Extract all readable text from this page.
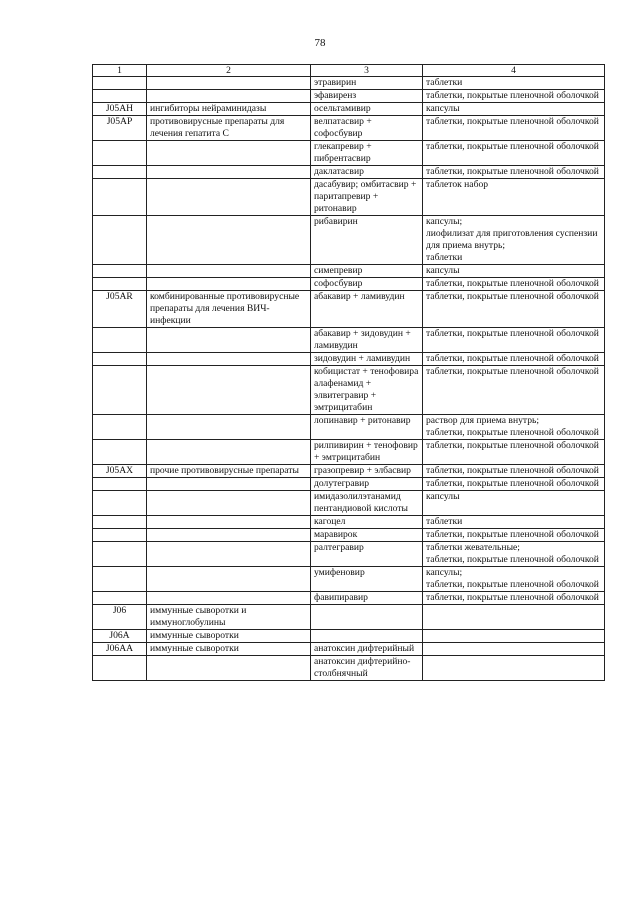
78
1	2	3	4
		этравирин	таблетки
		эфавиренз	таблетки, покрытые пленочной оболочкой
J05AH	ингибиторы нейраминидазы	осельтамивир	капсулы
J05AP	противовирусные препараты для лечения гепатита С	велпатасвир + софосбувир	таблетки, покрытые пленочной оболочкой
		глекапревир + пибрентасвир	таблетки, покрытые пленочной оболочкой
		даклатасвир	таблетки, покрытые пленочной оболочкой
		дасабувир; омбитасвир + паритапревир + ритонавир	таблеток набор
		рибавирин	капсулы;
лиофилизат для приготовления суспензии для приема внутрь;
таблетки
		симепревир	капсулы
		софосбувир	таблетки, покрытые пленочной оболочкой
J05AR	комбинированные противовирусные препараты для лечения ВИЧ-инфекции	абакавир + ламивудин	таблетки, покрытые пленочной оболочкой
		абакавир + зидовудин + ламивудин	таблетки, покрытые пленочной оболочкой
		зидовудин + ламивудин	таблетки, покрытые пленочной оболочкой
		кобицистат + тенофовира алафенамид + элвитегравир + эмтрицитабин	таблетки, покрытые пленочной оболочкой
		лопинавир + ритонавир	раствор для приема внутрь;
таблетки, покрытые пленочной оболочкой
		рилпивирин + тенофовир + эмтрицитабин	таблетки, покрытые пленочной оболочкой
J05AX	прочие противовирусные препараты	гразопревир + элбасвир	таблетки, покрытые пленочной оболочкой
		долутегравир	таблетки, покрытые пленочной оболочкой
		имидазолилэтанамид пентандиовой кислоты	капсулы
		кагоцел	таблетки
		маравирок	таблетки, покрытые пленочной оболочкой
		ралтегравир	таблетки жевательные;
таблетки, покрытые пленочной оболочкой
		умифеновир	капсулы;
таблетки, покрытые пленочной оболочкой
		фавипиравир	таблетки, покрытые пленочной оболочкой
J06	иммунные сыворотки и иммуноглобулины		
J06A	иммунные сыворотки		
J06AA	иммунные сыворотки	анатоксин дифтерийный	
		анатоксин дифтерийно-столбнячный	
